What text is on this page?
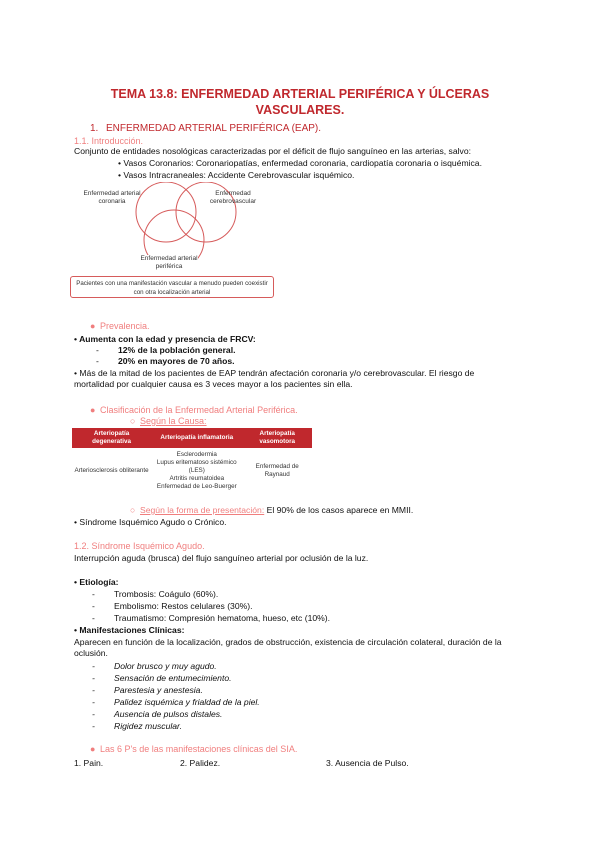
TEMA 13.8: ENFERMEDAD ARTERIAL PERIFÉRICA Y ÚLCERAS VASCULARES.
1. ENFERMEDAD ARTERIAL PERIFÉRICA (EAP).
1.1. Introducción.
Conjunto de entidades nosológicas caracterizadas por el déficit de flujo sanguíneo en las arterias, salvo:
• Vasos Coronarios: Coronariopatías, enfermedad coronaria, cardiopatía coronaria o isquémica.
• Vasos Intracraneales: Accidente Cerebrovascular isquémico.
Enfermedad arterial coronaria
Enfermedad cerebrovascular
Enfermedad arterial periférica
Pacientes con una manifestación vascular a menudo pueden coexistir con otra localización arterial
● Prevalencia.
• Aumenta con la edad y presencia de FRCV:
- 12% de la población general.
- 20% en mayores de 70 años.
• Más de la mitad de los pacientes de EAP tendrán afectación coronaria y/o cerebrovascular. El riesgo de
mortalidad por cualquier causa es 3 veces mayor a los pacientes sin ella.
● Clasificación de la Enfermedad Arterial Periférica.
○ Según la Causa:
Arteriopatía degenerativa	Arteriopatía inflamatoria	Arteriopatía vasomotora
Arteriosclerosis obliterante	Esclerodermia
Lupus eritematoso sistémico (LES)
Artritis reumatoidea
Enfermedad de Leo-Buerger	Enfermedad de Raynaud
○ Según la forma de presentación: El 90% de los casos aparece en MMII.
• Síndrome Isquémico Agudo o Crónico.
1.2. Síndrome Isquémico Agudo.
Interrupción aguda (brusca) del flujo sanguíneo arterial por oclusión de la luz.
• Etiología:
- Trombosis: Coágulo (60%).
- Embolismo: Restos celulares (30%).
- Traumatismo: Compresión hematoma, hueso, etc (10%).
• Manifestaciones Clínicas:
Aparecen en función de la localización, grados de obstrucción, existencia de circulación colateral, duración de la
oclusión.
- Dolor brusco y muy agudo.
- Sensación de entumecimiento.
- Parestesia y anestesia.
- Palidez isquémica y frialdad de la piel.
- Ausencia de pulsos distales.
- Rigidez muscular.
● Las 6 P's de las manifestaciones clínicas del SIA.
1. Pain.	2. Palidez.	3. Ausencia de Pulso.
